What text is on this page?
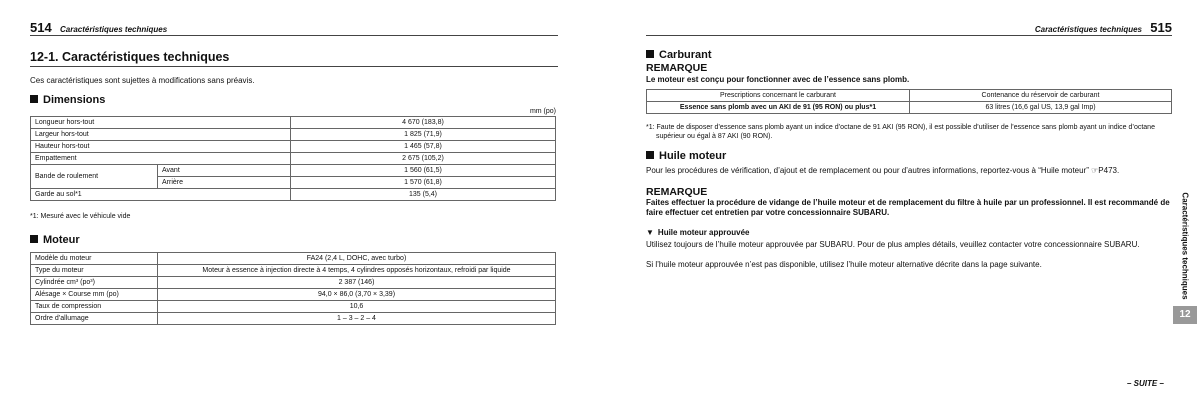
514 Caractéristiques techniques
12-1. Caractéristiques techniques
Ces caractéristiques sont sujettes à modifications sans préavis.
Dimensions
mm (po)
Longueur hors-tout		4 670 (183,8)
Largeur hors-tout		1 825 (71,9)
Hauteur hors-tout		1 465 (57,8)
Empattement		2 675 (105,2)
Bande de roulement	Avant	1 560 (61,5)
	Arrière	1 570 (61,8)
Garde au sol*1		135 (5,4)
*1: Mesuré avec le véhicule vide
Moteur
Modèle du moteur	FA24 (2,4 L, DOHC, avec turbo)
Type du moteur	Moteur à essence à injection directe à 4 temps, 4 cylindres opposés horizontaux, refroidi par liquide
Cylindrée cm³ (po³)	2 387 (146)
Alésage × Course mm (po)	94,0 × 86,0 (3,70 × 3,39)
Taux de compression	10,6
Ordre d’allumage	1 – 3 – 2 – 4
Caractéristiques techniques 515
Carburant
REMARQUE
Le moteur est conçu pour fonctionner avec de l’essence sans plomb.
Prescriptions concernant le carburant	Contenance du réservoir de carburant
Essence sans plomb avec un AKI de 91 (95 RON) ou plus*1	63 litres (16,6 gal US, 13,9 gal Imp)
*1: Faute de disposer d’essence sans plomb ayant un indice d’octane de 91 AKI (95 RON), il est possible d’utiliser de l’essence sans plomb ayant un indice d’octane supérieur ou égal à 87 AKI (90 RON).
Huile moteur
Pour les procédures de vérification, d’ajout et de remplacement ou pour d’autres informations, reportez-vous à “Huile moteur” ☞P473.
REMARQUE
Faites effectuer la procédure de vidange de l’huile moteur et de remplacement du filtre à huile par un professionnel. Il est recommandé de faire effectuer cet entretien par votre concessionnaire SUBARU.
▼ Huile moteur approuvée
Utilisez toujours de l’huile moteur approuvée par SUBARU. Pour de plus amples détails, veuillez contacter votre concessionnaire SUBARU.
Si l’huile moteur approuvée n’est pas disponible, utilisez l’huile moteur alternative décrite dans la page suivante.	Caractéristiques techniques
12
– SUITE –
